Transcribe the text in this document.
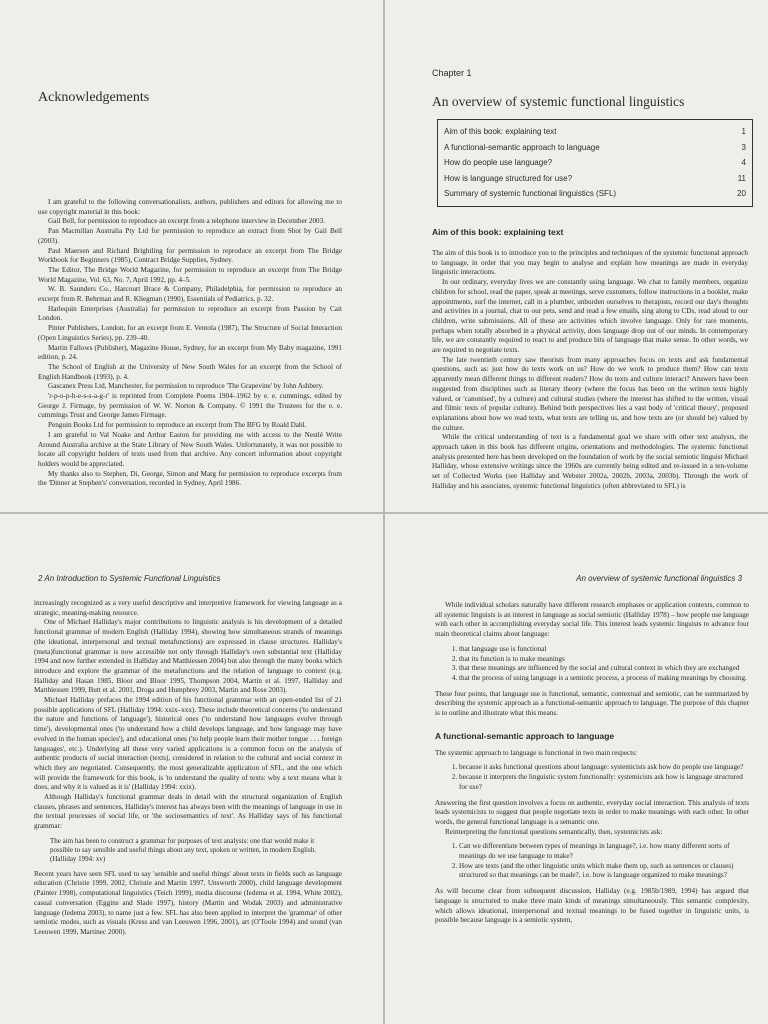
Acknowledgements

I am grateful to the following conversationalists, authors, publishers and editors for allowing me to use copyright material in this book:

Gail Bell, for permission to reproduce an excerpt from a telephone interview in December 2003.

Pan Macmillan Australia Pty Ltd for permission to reproduce an extract from Shot by Gail Bell (2003).

Paul Maersen and Richard Brightling for permission to reproduce an excerpt from The Bridge Workbook for Beginners (1985), Contract Bridge Supplies, Sydney.

The Editor, The Bridge World Magazine, for permission to reproduce an excerpt from The Bridge World Magazine, Vol. 63, No. 7, April 1992, pp. 4–5.

W. B. Saunders Co., Harcourt Brace & Company, Philadelphia, for permission to reproduce an excerpt from R. Behrman and R. Kliegman (1990), Essentials of Pediatrics, p. 32.

Harlequin Enterprises (Australia) for permission to reproduce an excerpt from Passion by Cait London.

Pinter Publishers, London, for an excerpt from E. Ventola (1987), The Structure of Social Interaction (Open Linguistics Series), pp. 239–40.

Martin Fallows (Publisher), Magazine House, Sydney, for an excerpt from My Baby magazine, 1991 edition, p. 24.

The School of English at the University of New South Wales for an excerpt from the School of English Handbook (1993), p. 4.

Gascanex Press Ltd, Manchester, for permission to reproduce 'The Grapevine' by John Ashbery.

'r-p-o-p-h-e-s-s-a-g-r' is reprinted from Complete Poems 1904–1962 by e. e. cummings, edited by George J. Firmage, by permission of W. W. Norton & Company. © 1991 the Trustees for the e. e. cummings Trust and George James Firmage.

Penguin Books Ltd for permission to reproduce an excerpt from The BFG by Roald Dahl.

I am grateful to Val Noake and Arthur Easton for providing me with access to the Nestlé Write Around Australia archive at the State Library of New South Wales. Unfortunately, it was not possible to locate all copyright holders of texts used from that archive. Any concert information about copyright holders would be appreciated.

My thanks also to Stephen, Di, George, Simon and Marg for permission to reproduce excerpts from the 'Dinner at Stephen's' conversation, recorded in Sydney, April 1986.

Chapter 1
An overview of systemic functional linguistics
Aim of this book: explaining text	1
A functional-semantic approach to language	3
How do people use language?	4
How is language structured for use?	11
Summary of systemic functional linguistics (SFL)	20
Aim of this book: explaining text

The aim of this book is to introduce you to the principles and techniques of the systemic functional approach to language, in order that you may begin to analyse and explain how meanings are made in everyday linguistic interactions.

In our ordinary, everyday lives we are constantly using language. We chat to family members, organize children for school, read the paper, speak at meetings, serve customers, follow instructions in a booklet, make appointments, surf the internet, call in a plumber, unburden ourselves to therapists, record our day's thoughts and activities in a journal, chat to our pets, send and read a few emails, sing along to CDs, read aloud to our children, write submissions. All of these are activities which involve language. Only for rare moments, perhaps when totally absorbed in a physical activity, does language drop out of our minds. In contemporary life, we are constantly required to react to and produce bits of language that make sense. In other words, we are required to negotiate texts.

The late twentieth century saw theorists from many approaches focus on texts and ask fundamental questions, such as: just how do texts work on us? How do we work to produce them? How can texts apparently mean different things to different readers? How do texts and culture interact? Answers have been suggested from disciplines such as literary theory (where the focus has been on the written texts highly valued, or 'canonised', by a culture) and cultural studies (where the interest has shifted to the written, visual and filmic texts of popular culture). Behind both perspectives lies a vast body of 'critical theory', proposed explanations about how we read texts, what texts are telling us, and how texts are (or should be) valued by the culture.

While the critical understanding of text is a fundamental goal we share with other text analysts, the approach taken in this book has different origins, orientations and methodologies. The systemic functional analysis presented here has been developed on the foundation of work by the social semiotic linguist Michael Halliday, whose extensive writings since the 1960s are currently being edited and re-issued in a ten-volume set of Collected Works (see Halliday and Webster 2002a, 2002b, 2003a, 2003b). Through the work of Halliday and his associates, systemic functional linguistics (often abbreviated to SFL) is

2 An Introduction to Systemic Functional Linguistics

increasingly recognized as a very useful descriptive and interpretive framework for viewing language as a strategic, meaning-making resource.

One of Michael Halliday's major contributions to linguistic analysis is his development of a detailed functional grammar of modern English (Halliday 1994), showing how simultaneous strands of meanings (the ideational, interpersonal and textual metafunctions) are expressed in clause structures. Halliday's (meta)functional grammar is now accessible not only through Halliday's own substantial text (Halliday 1994 and now further extended in Halliday and Matthiessen 2004) but also through the many books which introduce and explore the grammar of the metafunctions and the relation of language to context (e.g. Halliday and Hasan 1985, Bloor and Bloor 1995, Thompson 2004, Martin et al. 1997, Halliday and Matthiessen 1999, Butt et al. 2001, Droga and Humphrey 2003, Martin and Rose 2003).

Michael Halliday prefaces the 1994 edition of his functional grammar with an open-ended list of 21 possible applications of SFL (Halliday 1994: xxix–xxx). These include theoretical concerns ('to understand the nature and functions of language'), historical ones ('to understand how languages evolve through time'), developmental ones ('to understand how a child develops language, and how language may have evolved in the human species'), and educational ones ('to help people learn their mother tongue . . . foreign languages', etc.). Underlying all these very varied applications is a common focus on the analysis of authentic products of social interaction (texts), considered in relation to the cultural and social context in which they are negotiated. Consequently, the most generalizable application of SFL, and the one which will provide the framework for this book, is 'to understand the quality of texts: why a text means what it does, and why it is valued as it is' (Halliday 1994: xxix).

Although Halliday's functional grammar deals in detail with the structural organization of English clauses, phrases and sentences, Halliday's interest has always been with the meanings of language in use in the textual processes of social life, or 'the sociosemantics of text'. As Halliday says of his functional grammar:

The aim has been to construct a grammar for purposes of text analysis: one that would make it possible to say sensible and useful things about any text, spoken or written, in modern English. (Halliday 1994: xv)

Recent years have seen SFL used to say 'sensible and useful things' about texts in fields such as language education (Christie 1999, 2002, Christie and Martin 1997, Unsworth 2000), child language development (Painter 1998), computational linguistics (Teich 1999), media discourse (Iedema et al. 1994, White 2002), casual conversation (Eggins and Slade 1997), history (Martin and Wodak 2003) and administrative language (Iedema 2003), to name just a few. SFL has also been applied to interpret the 'grammar' of other semiotic modes, such as visuals (Kress and van Leeuwen 1996, 2001), art (O'Toole 1994) and sound (van Leeuwen 1999, Martinec 2000).

An overview of systemic functional linguistics 3

While individual scholars naturally have different research emphases or application contexts, common to all systemic linguists is an interest in language as social semiotic (Halliday 1978) – how people use language with each other in accomplishing everyday social life. This interest leads systemic linguists to advance four main theoretical claims about language:

1. that language use is functional
2. that its function is to make meanings
3. that these meanings are influenced by the social and cultural context in which they are exchanged
4. that the process of using language is a semiotic process, a process of making meanings by choosing.

These four points, that language use is functional, semantic, contextual and semiotic, can be summarized by describing the systemic approach as a functional-semantic approach to language. The purpose of this chapter is to outline and illustrate what this means.

A functional-semantic approach to language

The systemic approach to language is functional in two main respects:

1. because it asks functional questions about language: systemicists ask how do people use language?
2. because it interprets the linguistic system functionally: systemicists ask how is language structured for use?

Answering the first question involves a focus on authentic, everyday social interaction. This analysis of texts leads systemicists to suggest that people negotiate texts in order to make meanings with each other. In other words, the general functional language is a semantic one.

Reinterpreting the functional questions semantically, then, systemicists ask:

1. Can we differentiate between types of meanings in language?, i.e. how many different sorts of meanings do we use language to make?
2. How are texts (and the other linguistic units which make them up, such as sentences or clauses) structured so that meanings can be made?, i.e. how is language organized to make meanings?

As will become clear from subsequent discussion, Halliday (e.g. 1985b/1989, 1994) has argued that language is structured to make three main kinds of meanings simultaneously. This semantic complexity, which allows ideational, interpersonal and textual meanings to be fused together in linguistic units, is possible because language is a semiotic system,
